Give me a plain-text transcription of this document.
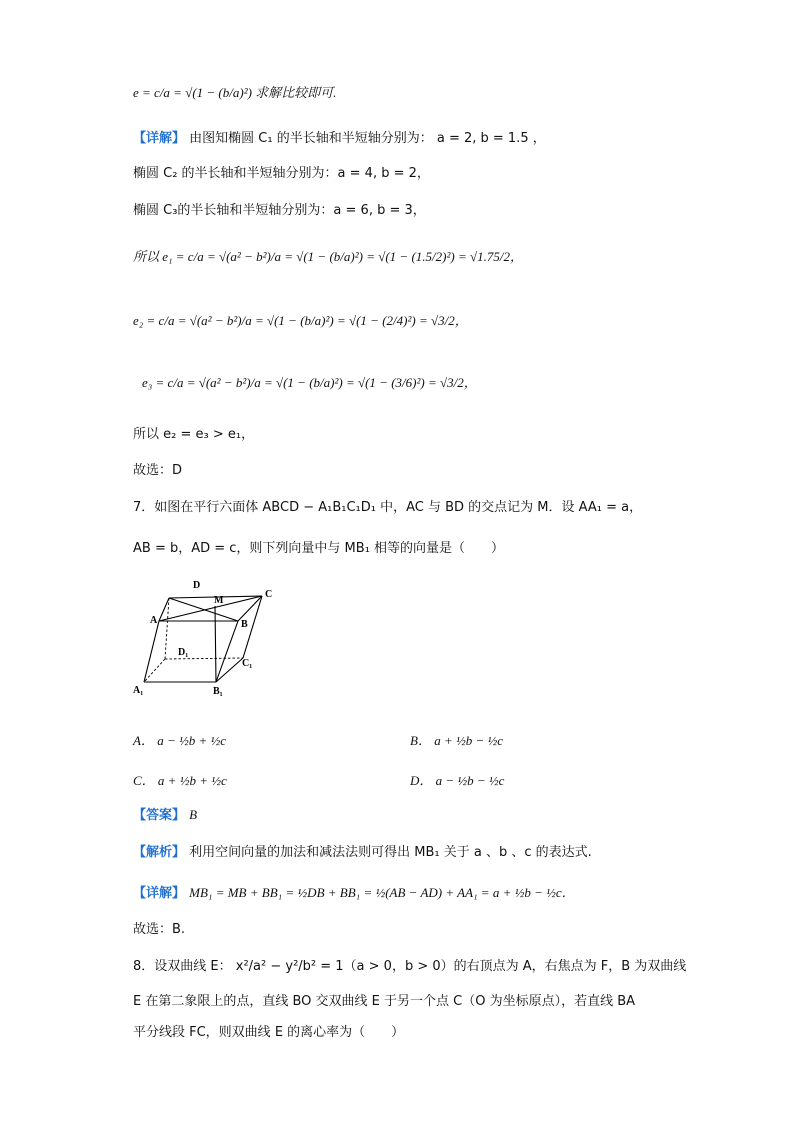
e = c/a = √(1 − (b/a)²) 求解比较即可.
【详解】 由图知椭圆 C₁ 的半长轴和半短轴分别为： a = 2, b = 1.5 ，
椭圆 C₂ 的半长轴和半短轴分别为：a = 4, b = 2，
椭圆 C₃的半长轴和半短轴分别为：a = 6, b = 3，
所以 e₁ = c/a = √(a² − b²)/a = √(1 − (b/a)²) = √(1 − (1.5/2)²) = √1.75/2，
e₂ = c/a = √(a² − b²)/a = √(1 − (b/a)²) = √(1 − (2/4)²) = √3/2，
e₃ = c/a = √(a² − b²)/a = √(1 − (b/a)²) = √(1 − (3/6)²) = √3/2，
所以 e₂ = e₃ > e₁，
故选：D
7．如图在平行六面体 ABCD − A₁B₁C₁D₁ 中，AC 与 BD 的交点记为 M．设 AA₁ = a，
AB = b，AD = c，则下列向量中与 MB₁ 相等的向量是（　　）
D
M
C
A	B
D₁
C₁
A₁	B₁
A． a − ½b + ½c	B． a + ½b − ½c
C． a + ½b + ½c	D． a − ½b − ½c
【答案】 B
【解析】 利用空间向量的加法和减法法则可得出 MB₁ 关于 a 、b 、c 的表达式.
【详解】 MB₁ = MB + BB₁ = ½DB + BB₁ = ½(AB − AD) + AA₁ = a + ½b − ½c．
故选：B.
8．设双曲线 E： x²/a² − y²/b² = 1（a > 0，b > 0）的右顶点为 A，右焦点为 F，B 为双曲线
E 在第二象限上的点，直线 BO 交双曲线 E 于另一个点 C（O 为坐标原点），若直线 BA
平分线段 FC，则双曲线 E 的离心率为（　　）
